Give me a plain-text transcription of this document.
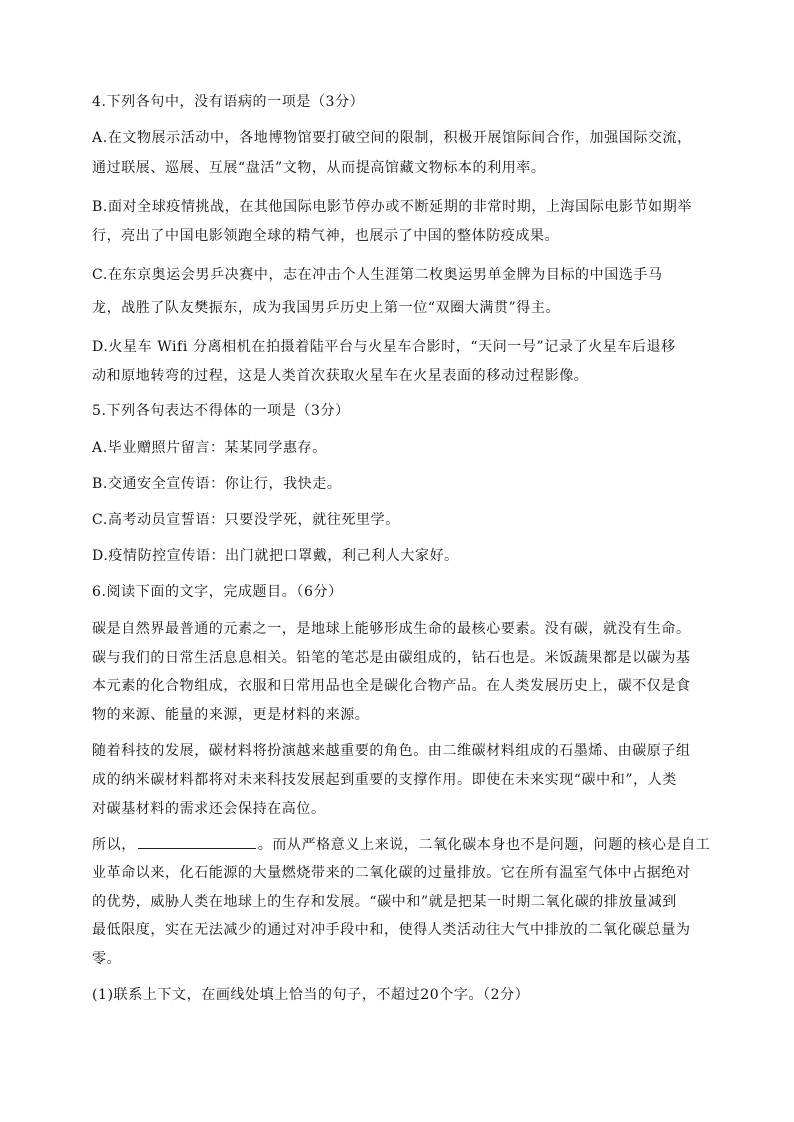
4.下列各句中，没有语病的一项是（3分）
A.在文物展示活动中，各地博物馆要打破空间的限制，积极开展馆际间合作，加强国际交流，
通过联展、巡展、互展“盘活”文物，从而提高馆藏文物标本的利用率。
B.面对全球疫情挑战，在其他国际电影节停办或不断延期的非常时期，上海国际电影节如期举
行，亮出了中国电影领跑全球的精气神，也展示了中国的整体防疫成果。
C.在东京奥运会男乒决赛中，志在冲击个人生涯第二枚奥运男单金牌为目标的中国选手马
龙，战胜了队友樊振东，成为我国男乒历史上第一位“双圈大满贯”得主。
D.火星车 Wifi 分离相机在拍摄着陆平台与火星车合影时，“天问一号”记录了火星车后退移
动和原地转弯的过程，这是人类首次获取火星车在火星表面的移动过程影像。
5.下列各句表达不得体的一项是（3分）
A.毕业赠照片留言：某某同学惠存。
B.交通安全宣传语：你让行，我快走。
C.高考动员宣誓语：只要没学死，就往死里学。
D.疫情防控宣传语：出门就把口罩戴，利己利人大家好。
6.阅读下面的文字，完成题目。（6分）
碳是自然界最普通的元素之一，是地球上能够形成生命的最核心要素。没有碳，就没有生命。
碳与我们的日常生活息息相关。铅笔的笔芯是由碳组成的，钻石也是。米饭蔬果都是以碳为基
本元素的化合物组成，衣服和日常用品也全是碳化合物产品。在人类发展历史上，碳不仅是食
物的来源、能量的来源，更是材料的来源。
随着科技的发展，碳材料将扮演越来越重要的角色。由二维碳材料组成的石墨烯、由碳原子组
成的纳米碳材料都将对未来科技发展起到重要的支撑作用。即使在未来实现“碳中和”，人类
对碳基材料的需求还会保持在高位。
所以，	。而从严格意义上来说，二氧化碳本身也不是问题，问题的核心是自工
业革命以来，化石能源的大量燃烧带来的二氧化碳的过量排放。它在所有温室气体中占据绝对
的优势，威胁人类在地球上的生存和发展。“碳中和”就是把某一时期二氧化碳的排放量减到
最低限度，实在无法减少的通过对冲手段中和，使得人类活动往大气中排放的二氧化碳总量为
零。
(1)联系上下文，在画线处填上恰当的句子，不超过20个字。（2分）
